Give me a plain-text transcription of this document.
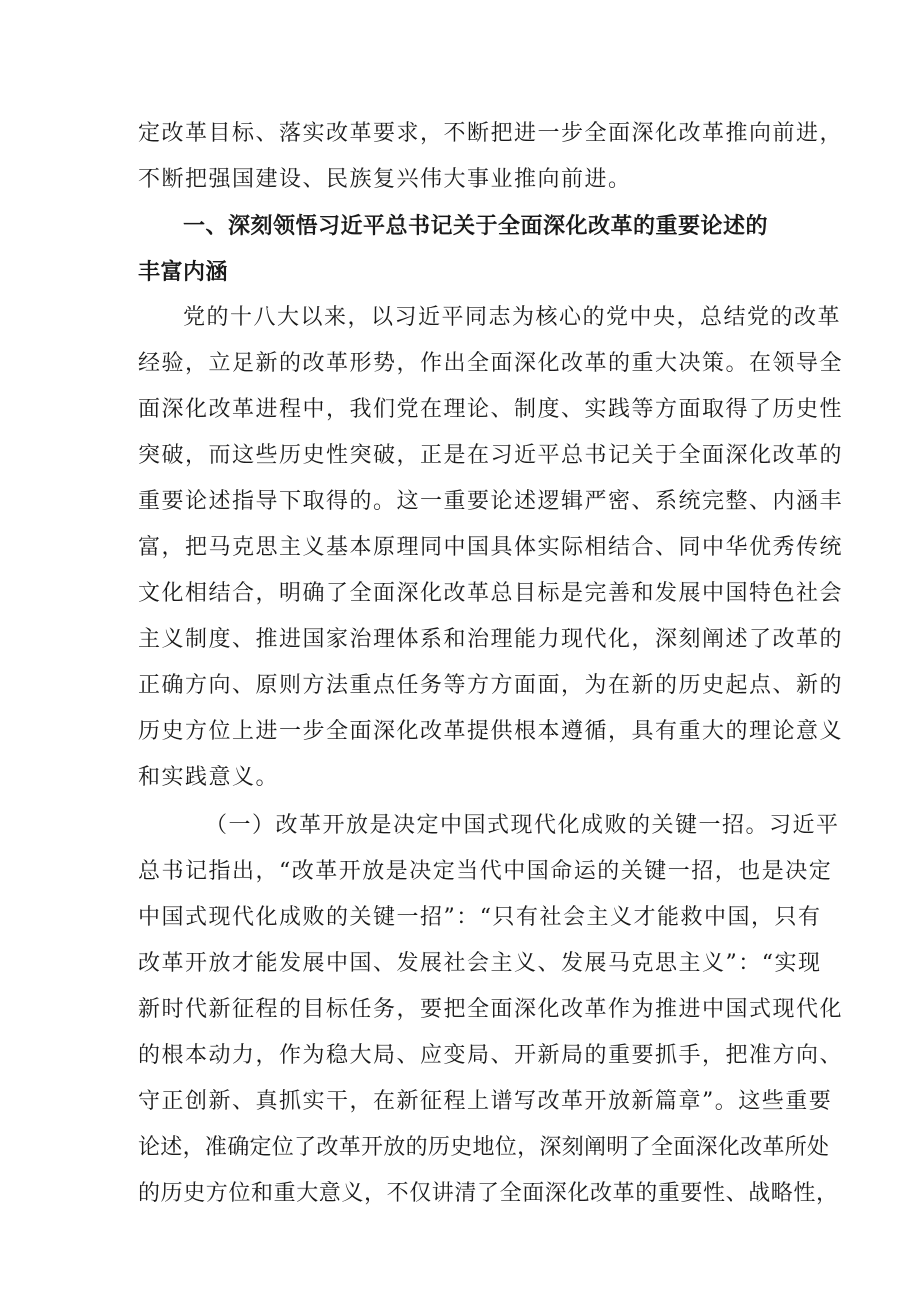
定改革目标、落实改革要求，不断把进一步全面深化改革推向前进，
不断把强国建设、民族复兴伟大事业推向前进。
一、深刻领悟习近平总书记关于全面深化改革的重要论述的
丰富内涵
党的十八大以来，以习近平同志为核心的党中央，总结党的改革
经验，立足新的改革形势，作出全面深化改革的重大决策。在领导全
面深化改革进程中，我们党在理论、制度、实践等方面取得了历史性
突破，而这些历史性突破，正是在习近平总书记关于全面深化改革的
重要论述指导下取得的。这一重要论述逻辑严密、系统完整、内涵丰
富，把马克思主义基本原理同中国具体实际相结合、同中华优秀传统
文化相结合，明确了全面深化改革总目标是完善和发展中国特色社会
主义制度、推进国家治理体系和治理能力现代化，深刻阐述了改革的
正确方向、原则方法重点任务等方方面面，为在新的历史起点、新的
历史方位上进一步全面深化改革提供根本遵循，具有重大的理论意义
和实践意义。
（一）改革开放是决定中国式现代化成败的关键一招。习近平
总书记指出，“改革开放是决定当代中国命运的关键一招，也是决定
中国式现代化成败的关键一招”：“只有社会主义才能救中国，只有
改革开放才能发展中国、发展社会主义、发展马克思主义”：“实现
新时代新征程的目标任务，要把全面深化改革作为推进中国式现代化
的根本动力，作为稳大局、应变局、开新局的重要抓手，把准方向、
守正创新、真抓实干，在新征程上谱写改革开放新篇章”。这些重要
论述，准确定位了改革开放的历史地位，深刻阐明了全面深化改革所处
的历史方位和重大意义，不仅讲清了全面深化改革的重要性、战略性，
